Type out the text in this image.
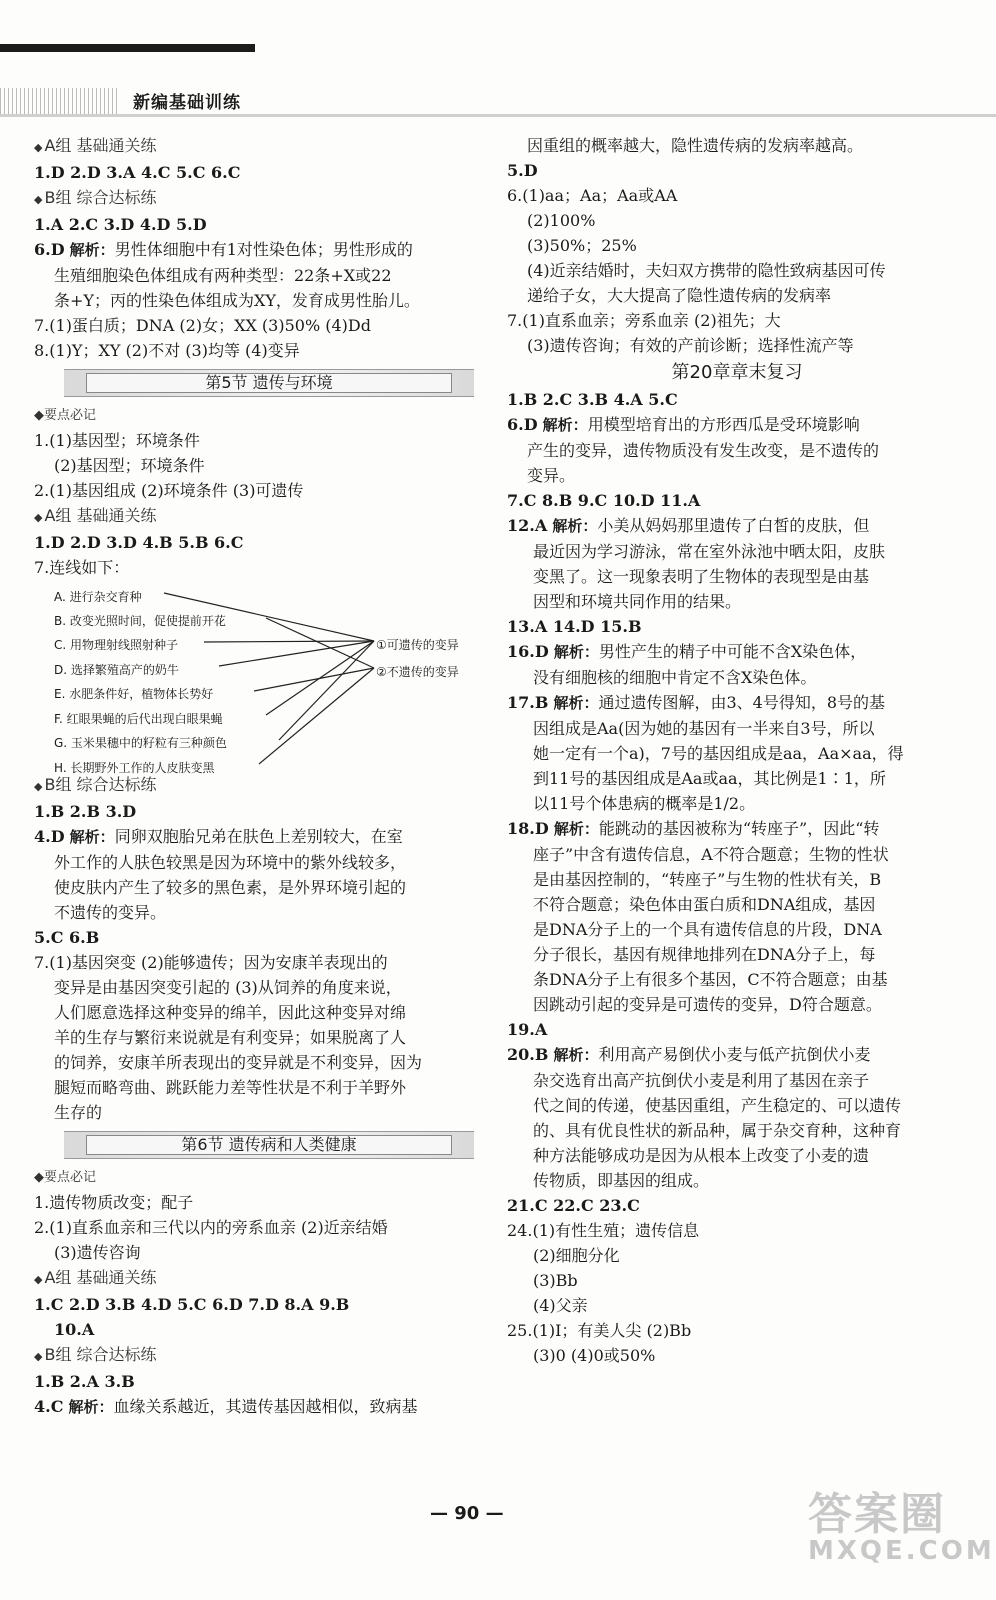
新编基础训练
◆ A组 基础通关练
1.D 2.D 3.A 4.C 5.C 6.C
◆ B组 综合达标练
1.A 2.C 3.D 4.D 5.D
6.D 解析：男性体细胞中有1对性染色体；男性形成的
生殖细胞染色体组成有两种类型：22条+X或22
条+Y；丙的性染色体组成为XY，发育成男性胎儿。
7.(1)蛋白质；DNA (2)女；XX (3)50% (4)Dd
8.(1)Y；XY (2)不对 (3)均等 (4)变异
第5节 遗传与环境
◆要点必记
1.(1)基因型；环境条件
(2)基因型；环境条件
2.(1)基因组成 (2)环境条件 (3)可遗传
◆ A组 基础通关练
1.D 2.D 3.D 4.B 5.B 6.C
7.连线如下：
A. 进行杂交育种
B. 改变光照时间，促使提前开花
C. 用物理射线照射种子
D. 选择繁殖高产的奶牛
E. 水肥条件好，植物体长势好
F. 红眼果蝇的后代出现白眼果蝇
G. 玉米果穗中的籽粒有三种颜色
H. 长期野外工作的人皮肤变黑
①可遗传的变异
②不遗传的变异
◆ B组 综合达标练
1.B 2.B 3.D
4.D 解析：同卵双胞胎兄弟在肤色上差别较大，在室
外工作的人肤色较黑是因为环境中的紫外线较多，
使皮肤内产生了较多的黑色素，是外界环境引起的
不遗传的变异。
5.C 6.B
7.(1)基因突变 (2)能够遗传；因为安康羊表现出的
变异是由基因突变引起的 (3)从饲养的角度来说，
人们愿意选择这种变异的绵羊，因此这种变异对绵
羊的生存与繁衍来说就是有利变异；如果脱离了人
的饲养，安康羊所表现出的变异就是不利变异，因为
腿短而略弯曲、跳跃能力差等性状是不利于羊野外
生存的
第6节 遗传病和人类健康
◆要点必记
1.遗传物质改变；配子
2.(1)直系血亲和三代以内的旁系血亲 (2)近亲结婚
(3)遗传咨询
◆ A组 基础通关练
1.C 2.D 3.B 4.D 5.C 6.D 7.D 8.A 9.B
10.A
◆ B组 综合达标练
1.B 2.A 3.B
4.C 解析：血缘关系越近，其遗传基因越相似，致病基
因重组的概率越大，隐性遗传病的发病率越高。
5.D
6.(1)aa；Aa；Aa或AA
(2)100%
(3)50%；25%
(4)近亲结婚时，夫妇双方携带的隐性致病基因可传
递给子女，大大提高了隐性遗传病的发病率
7.(1)直系血亲；旁系血亲 (2)祖先；大
(3)遗传咨询；有效的产前诊断；选择性流产等
第20章章末复习
1.B 2.C 3.B 4.A 5.C
6.D 解析：用模型培育出的方形西瓜是受环境影响
产生的变异，遗传物质没有发生改变，是不遗传的
变异。
7.C 8.B 9.C 10.D 11.A
12.A 解析：小美从妈妈那里遗传了白皙的皮肤，但
最近因为学习游泳，常在室外泳池中晒太阳，皮肤
变黑了。这一现象表明了生物体的表现型是由基
因型和环境共同作用的结果。
13.A 14.D 15.B
16.D 解析：男性产生的精子中可能不含X染色体，
没有细胞核的细胞中肯定不含X染色体。
17.B 解析：通过遗传图解，由3、4号得知，8号的基
因组成是Aa(因为她的基因有一半来自3号，所以
她一定有一个a)，7号的基因组成是aa，Aa×aa，得
到11号的基因组成是Aa或aa，其比例是1∶1，所
以11号个体患病的概率是1/2。
18.D 解析：能跳动的基因被称为“转座子”，因此“转
座子”中含有遗传信息，A不符合题意；生物的性状
是由基因控制的，“转座子”与生物的性状有关，B
不符合题意；染色体由蛋白质和DNA组成，基因
是DNA分子上的一个具有遗传信息的片段，DNA
分子很长，基因有规律地排列在DNA分子上，每
条DNA分子上有很多个基因，C不符合题意；由基
因跳动引起的变异是可遗传的变异，D符合题意。
19.A
20.B 解析：利用高产易倒伏小麦与低产抗倒伏小麦
杂交选育出高产抗倒伏小麦是利用了基因在亲子
代之间的传递，使基因重组，产生稳定的、可以遗传
的、具有优良性状的新品种，属于杂交育种，这种育
种方法能够成功是因为从根本上改变了小麦的遗
传物质，即基因的组成。
21.C 22.C 23.C
24.(1)有性生殖；遗传信息
(2)细胞分化
(3)Bb
(4)父亲
25.(1)Ⅰ；有美人尖 (2)Bb
(3)0 (4)0或50%
— 90 —	答案圈
MXQE.COM
